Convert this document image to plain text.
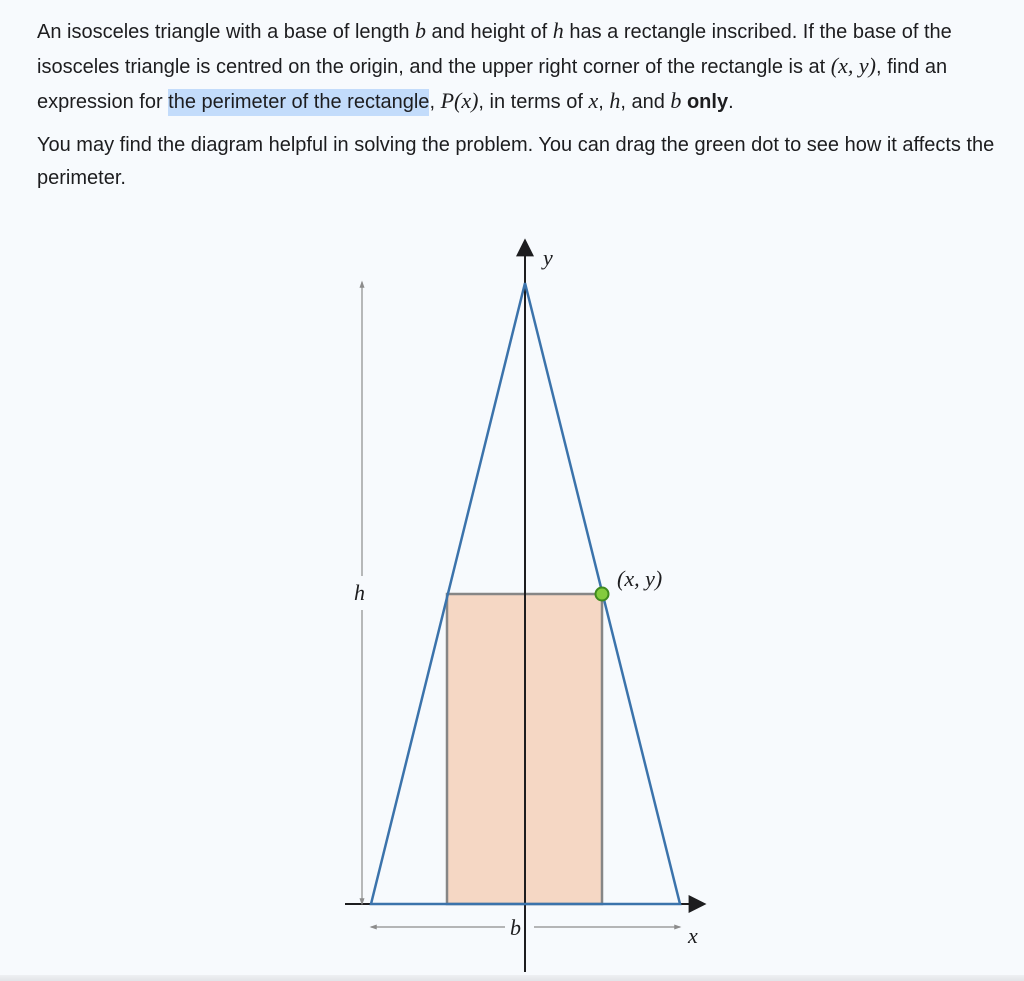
An isosceles triangle with a base of length b and height of h has a rectangle inscribed. If the base of the isosceles triangle is centred on the origin, and the upper right corner of the rectangle is at (x, y), find an expression for the perimeter of the rectangle, P(x), in terms of x, h, and b only.

You may find the diagram helpful in solving the problem. You can drag the green dot to see how it affects the perimeter.

y
x
h
b
(x, y)
